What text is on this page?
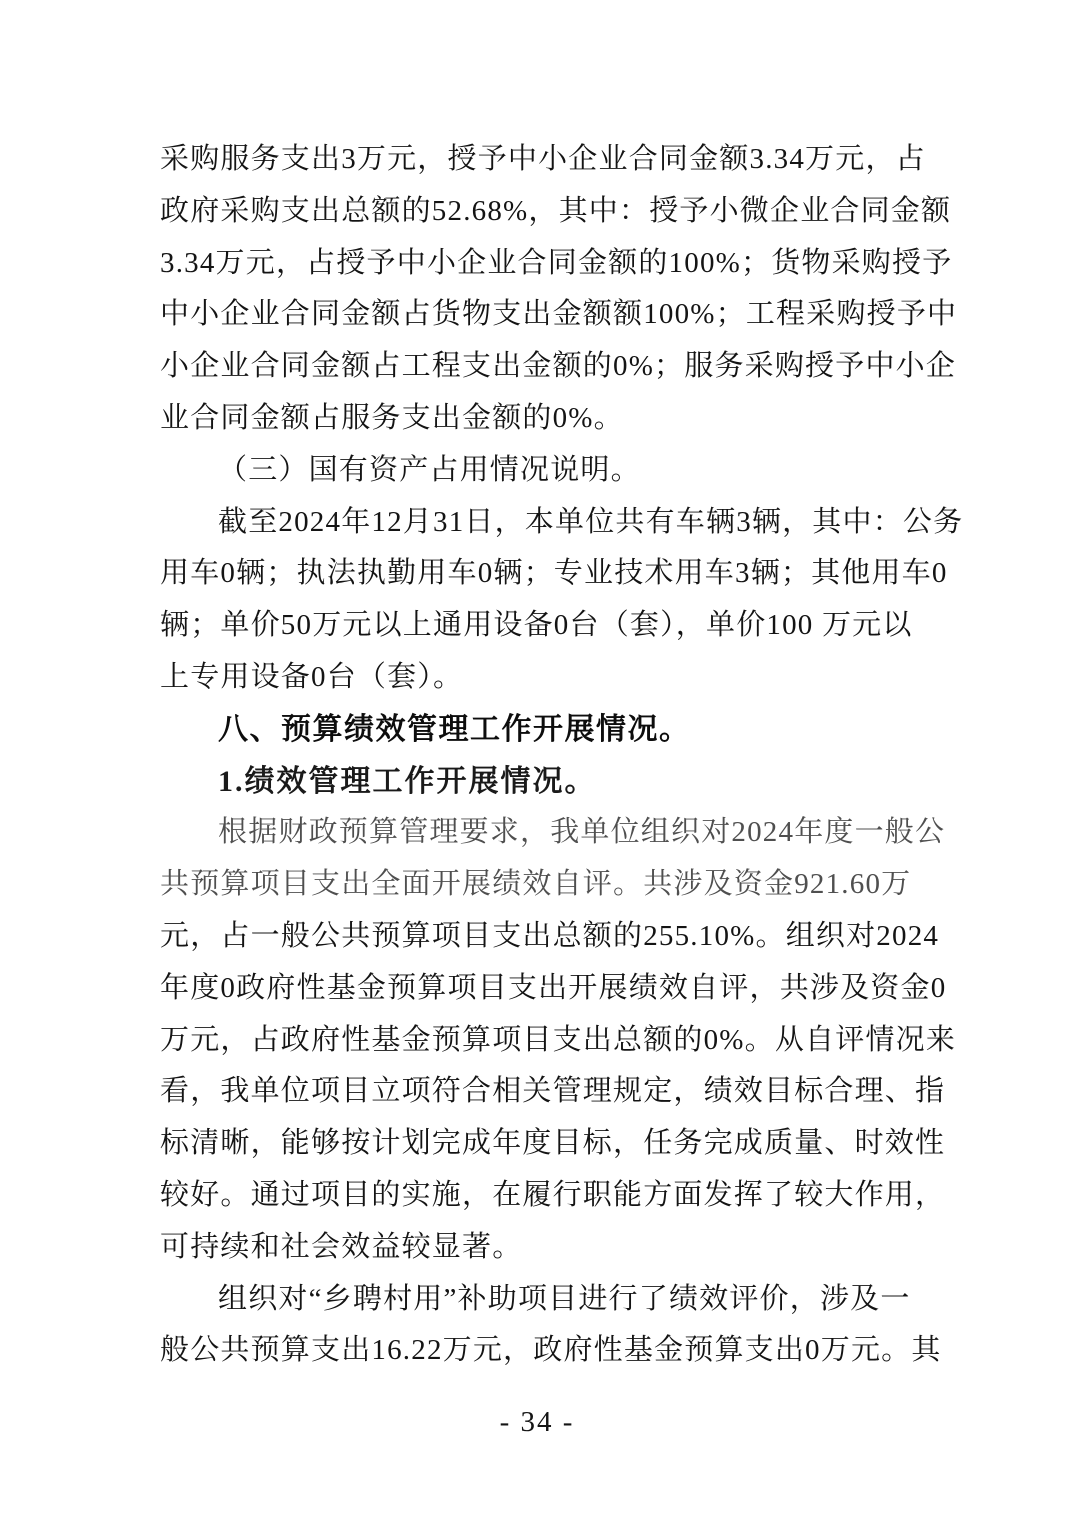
采购服务支出3万元，授予中小企业合同金额3.34万元，占
政府采购支出总额的52.68%，其中：授予小微企业合同金额
3.34万元，占授予中小企业合同金额的100%；货物采购授予
中小企业合同金额占货物支出金额额100%；工程采购授予中
小企业合同金额占工程支出金额的0%；服务采购授予中小企
业合同金额占服务支出金额的0%。
（三）国有资产占用情况说明。
截至2024年12月31日，本单位共有车辆3辆，其中：公务
用车0辆；执法执勤用车0辆；专业技术用车3辆；其他用车0
辆；单价50万元以上通用设备0台（套），单价100 万元以
上专用设备0台（套）。
八、预算绩效管理工作开展情况。
1.绩效管理工作开展情况。
根据财政预算管理要求，我单位组织对2024年度一般公
共预算项目支出全面开展绩效自评。共涉及资金921.60万
元，占一般公共预算项目支出总额的255.10%。组织对2024
年度0政府性基金预算项目支出开展绩效自评，共涉及资金0
万元，占政府性基金预算项目支出总额的0%。从自评情况来
看，我单位项目立项符合相关管理规定，绩效目标合理、指
标清晰，能够按计划完成年度目标，任务完成质量、时效性
较好。通过项目的实施，在履行职能方面发挥了较大作用，
可持续和社会效益较显著。
组织对“乡聘村用”补助项目进行了绩效评价，涉及一
般公共预算支出16.22万元，政府性基金预算支出0万元。其
- 34 -
